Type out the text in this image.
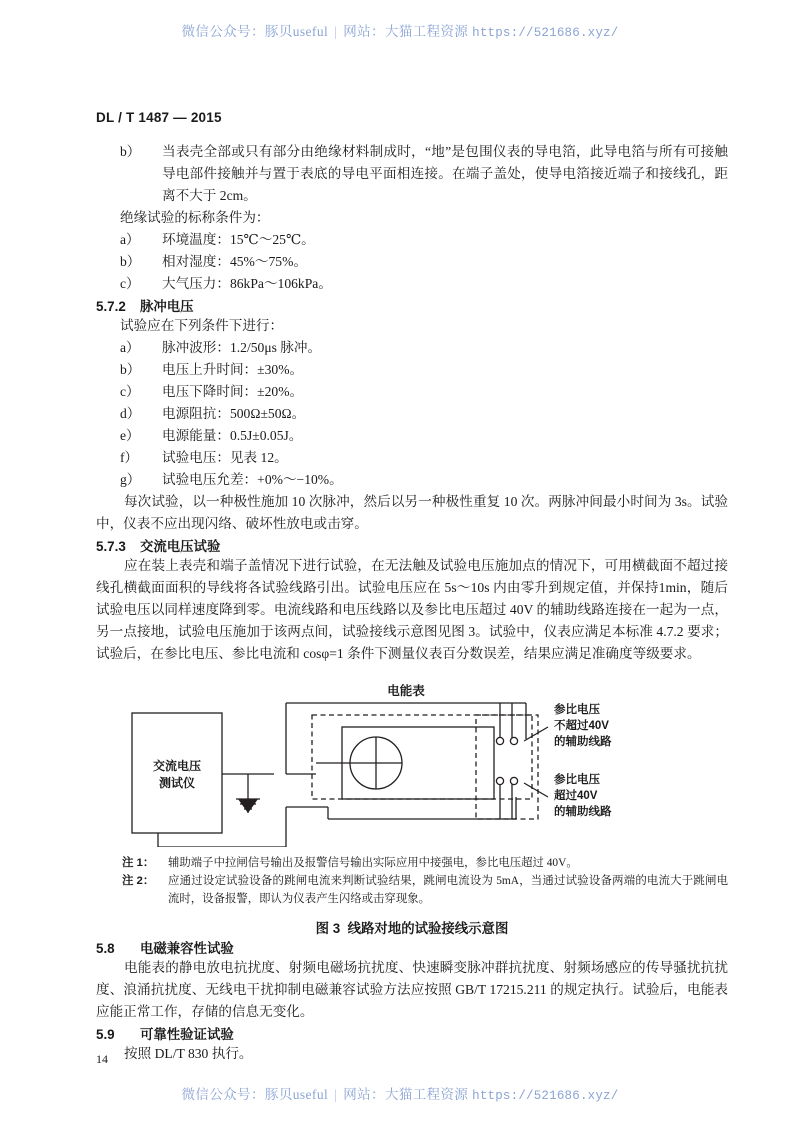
微信公众号：豚贝useful | 网站：大猫工程资源 https://521686.xyz/
DL / T 1487 — 2015
b）	当表壳全部或只有部分由绝缘材料制成时，“地”是包围仪表的导电箔，此导电箔与所有可接触导电部件接触并与置于表底的导电平面相连接。在端子盖处，使导电箔接近端子和接线孔，距离不大于 2cm。
绝缘试验的标称条件为：
a）	环境温度：15℃～25℃。
b）	相对湿度：45%～75%。
c）	大气压力：86kPa～106kPa。
5.7.2 脉冲电压
试验应在下列条件下进行：
a）	脉冲波形：1.2/50μs 脉冲。
b）	电压上升时间：±30%。
c）	电压下降时间：±20%。
d）	电源阻抗：500Ω±50Ω。
e）	电源能量：0.5J±0.05J。
f）	试验电压：见表 12。
g）	试验电压允差：+0%～−10%。

每次试验，以一种极性施加 10 次脉冲，然后以另一种极性重复 10 次。两脉冲间最小时间为 3s。试验中，仪表不应出现闪络、破坏性放电或击穿。

5.7.3 交流电压试验

应在装上表壳和端子盖情况下进行试验，在无法触及试验电压施加点的情况下，可用横截面不超过接线孔横截面面积的导线将各试验线路引出。试验电压应在 5s～10s 内由零升到规定值，并保持1min，随后试验电压以同样速度降到零。电流线路和电压线路以及参比电压超过 40V 的辅助线路连接在一起为一点，另一点接地，试验电压施加于该两点间，试验接线示意图见图 3。试验中，仪表应满足本标准 4.7.2 要求；试验后，在参比电压、参比电流和 cosφ=1 条件下测量仪表百分数误差，结果应满足准确度等级要求。

电能表
交流电压
测试仪
参比电压
不超过40V
的辅助线路
参比电压
超过40V
的辅助线路
注 1：	辅助端子中拉闸信号输出及报警信号输出实际应用中接强电，参比电压超过 40V。
注 2：	应通过设定试验设备的跳闸电流来判断试验结果，跳闸电流设为 5mA，当通过试验设备两端的电流大于跳闸电流时，设备报警，即认为仪表产生闪络或击穿现象。
图 3 线路对地的试验接线示意图
5.8 电磁兼容性试验

电能表的静电放电抗扰度、射频电磁场抗扰度、快速瞬变脉冲群抗扰度、射频场感应的传导骚扰抗扰度、浪涌抗扰度、无线电干扰抑制电磁兼容试验方法应按照 GB/T 17215.211 的规定执行。试验后，电能表应能正常工作，存储的信息无变化。

5.9 可靠性验证试验

按照 DL/T 830 执行。

14
微信公众号：豚贝useful | 网站：大猫工程资源 https://521686.xyz/
